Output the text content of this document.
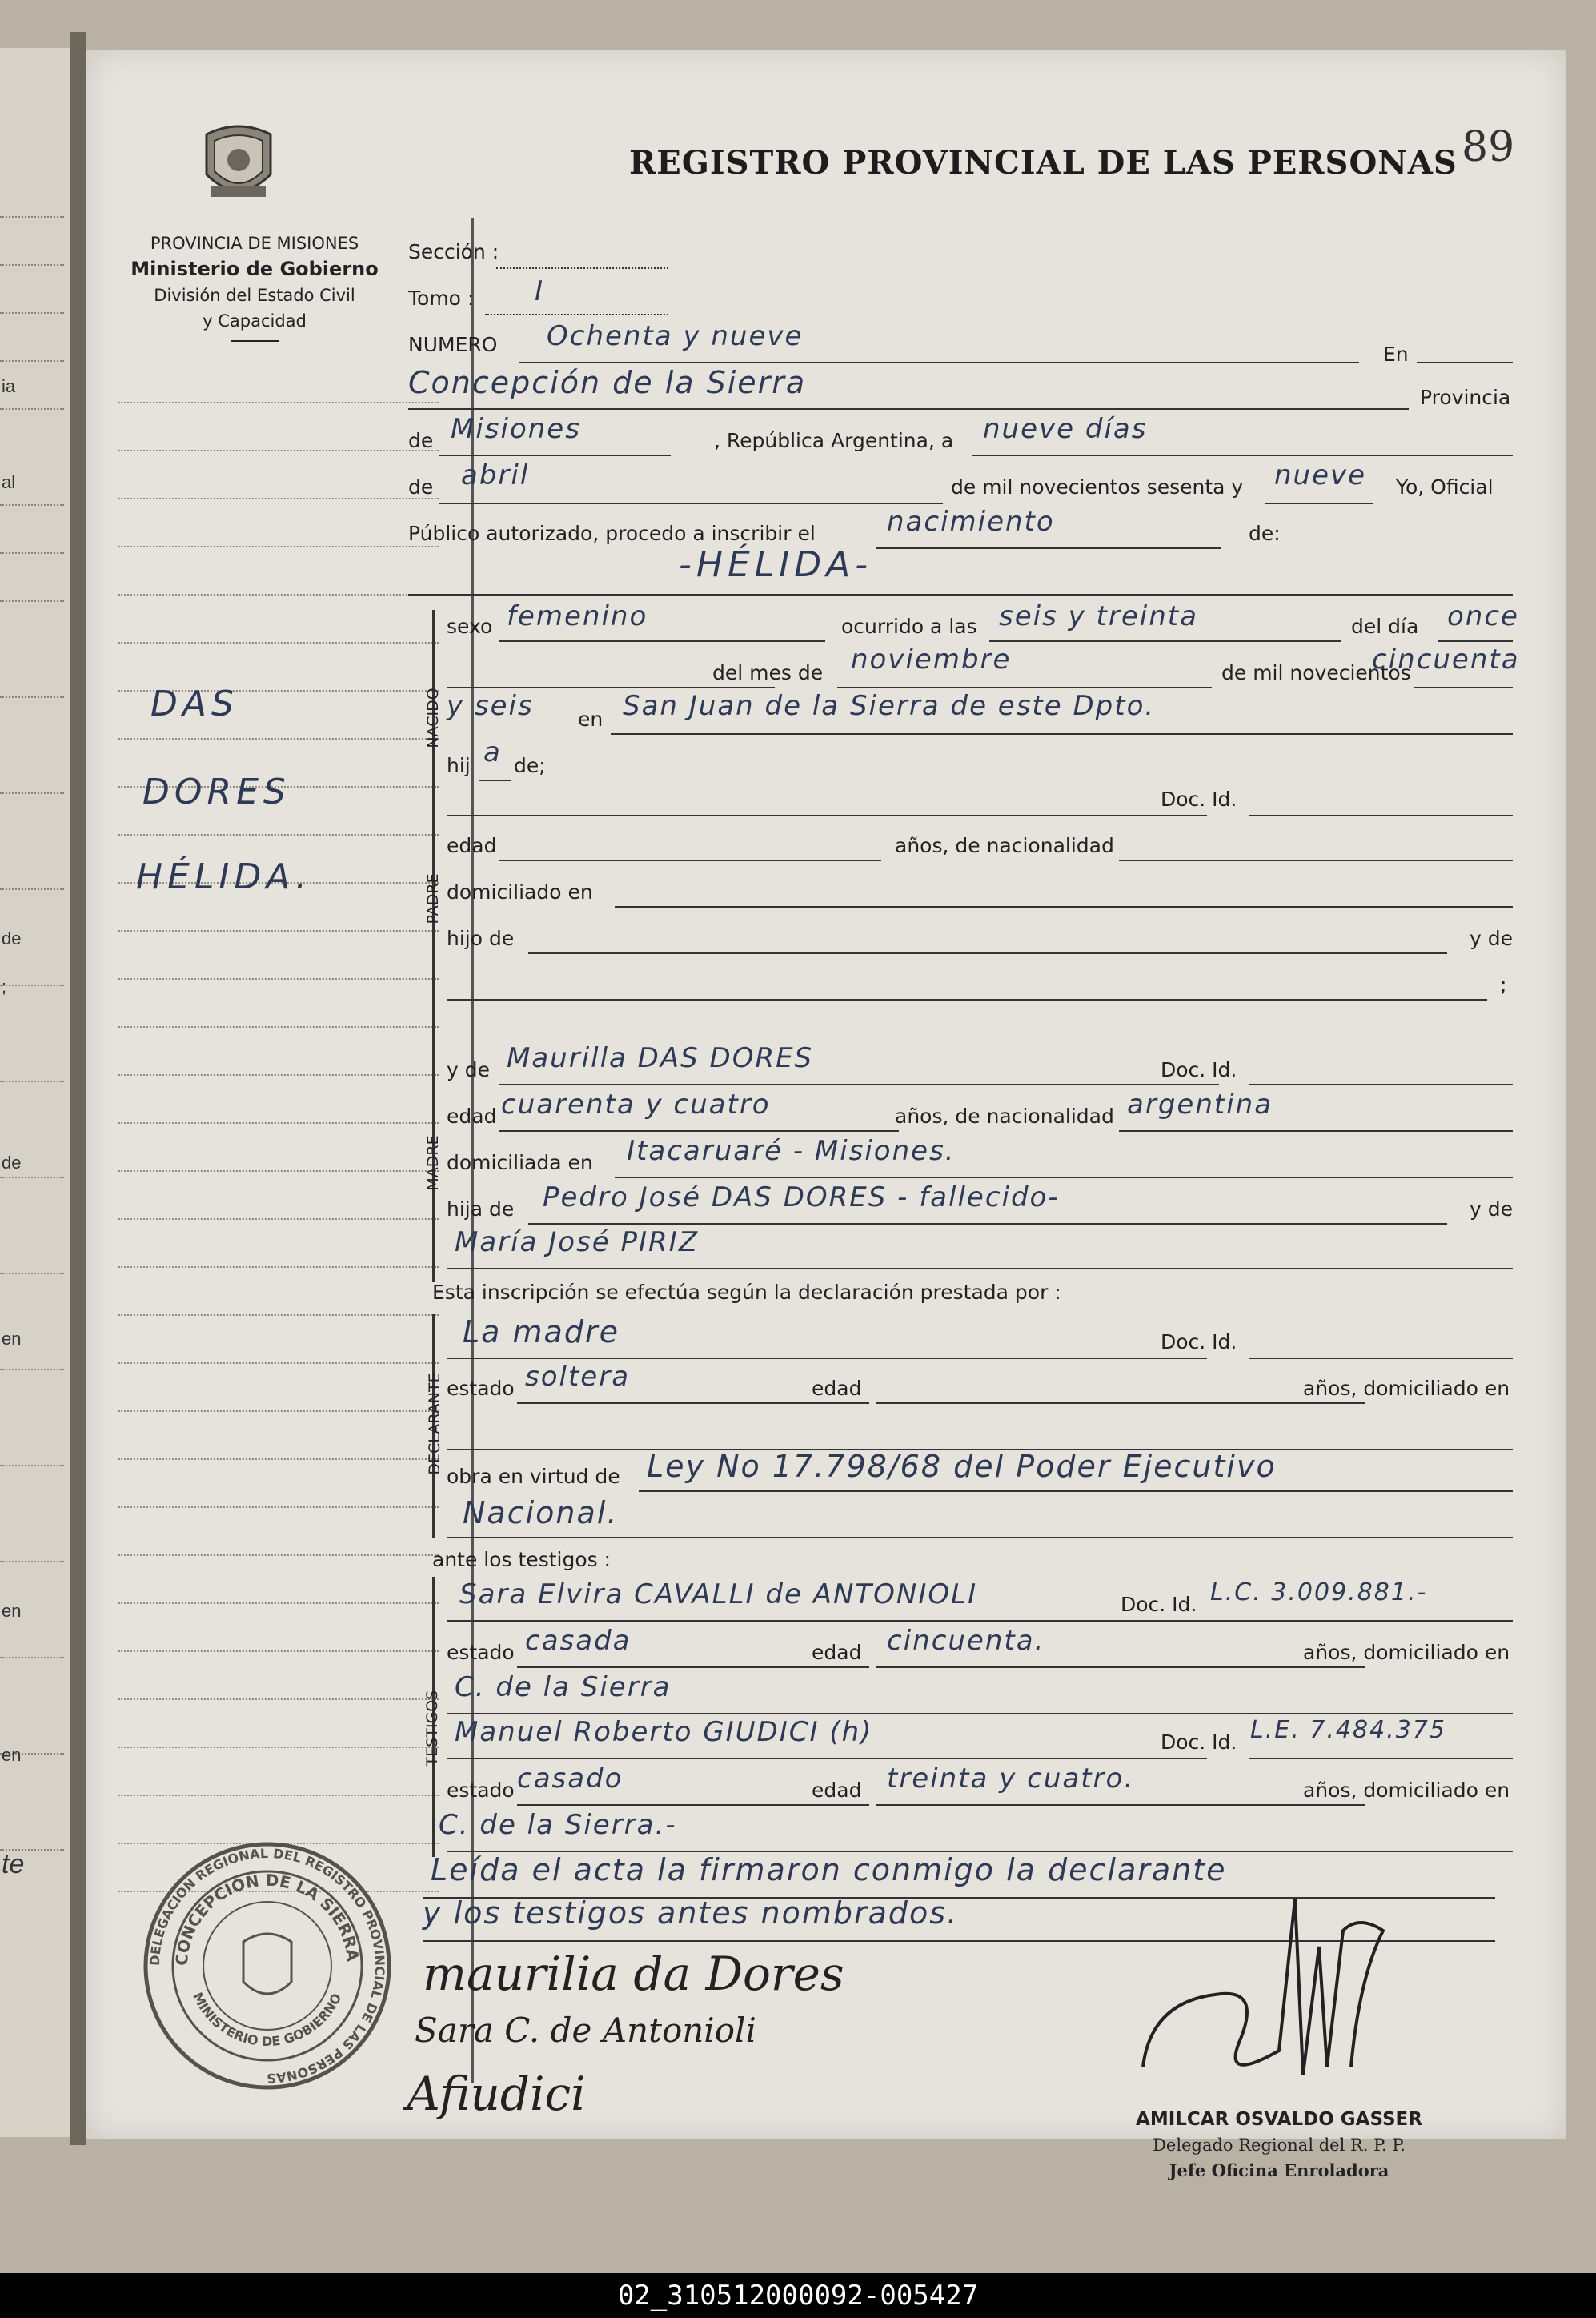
ia
al
de
;
de
en
en
en
te
PROVINCIA DE MISIONES
Ministerio de Gobierno
División del Estado Civil
y Capacidad
REGISTRO PROVINCIAL DE LAS PERSONAS 89
DAS
DORES
HÉLIDA.
Sección :
Tomo : I
NUMERO Ochenta y nueve
En
Concepción de la Sierra	Provincia
de Misiones	, República Argentina, a nueve días
de abril	de mil novecientos sesenta y nueve Yo, Oficial
Público autorizado, procedo a inscribir el	nacimiento	de:
-HÉLIDA-
NACIDO
sexo femenino	ocurrido a las seis y treinta	del día once
del mes de noviembre	de mil novecientos
cincuenta
y seis en San Juan de la Sierra de este Dpto.
hij a de;
PADRE
Doc. Id.
edad	años, de nacionalidad
domiciliado en
hijo de	y de
;
MADRE
y de Maurilla DAS DORES	Doc. Id.
edad cuarenta y cuatro	años, de nacionalidad argentina
domiciliada en Itacaruaré - Misiones.
hija de Pedro José DAS DORES - fallecido-	y de
María José PIRIZ
Esta inscripción se efectúa según la declaración prestada por :
DECLARANTE
La madre	Doc. Id.
estado soltera	edad	años, domiciliado en
obra en virtud de Ley No 17.798/68 del Poder Ejecutivo
Nacional.
ante los testigos :
TESTIGOS
Sara Elvira CAVALLI de ANTONIOLI	Doc. Id. L.C. 3.009.881.-
estado casada	edad cincuenta.	años, domiciliado en
C. de la Sierra
Manuel Roberto GIUDICI (h)	Doc. Id. L.E. 7.484.375
estado casado	edad treinta y cuatro.	años, domiciliado en
C. de la Sierra.-
Leída el acta la firmaron conmigo la declarante
y los testigos antes nombrados.
maurilia da Dores
Sara C. de Antonioli
Afiudici
DELEGACION REGIONAL DEL REGISTRO PROVINCIAL DE LAS PERSONAS
CONCEPCION DE LA SIERRA
MINISTERIO DE GOBIERNO
AMILCAR OSVALDO GASSER
Delegado Regional del R. P. P.
Jefe Oficina Enroladora
02_310512000092-005427
